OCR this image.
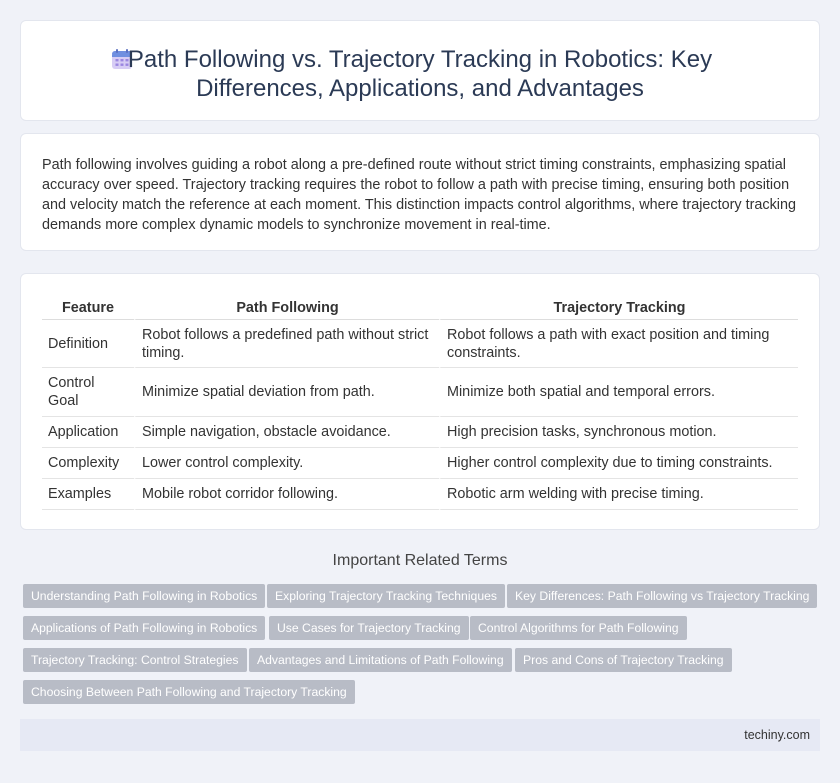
Path Following vs. Trajectory Tracking in Robotics: Key
Differences, Applications, and Advantages

Path following involves guiding a robot along a pre-defined route without strict timing constraints, emphasizing spatial accuracy over speed. Trajectory tracking requires the robot to follow a path with precise timing, ensuring both position and velocity match the reference at each moment. This distinction impacts control algorithms, where trajectory tracking demands more complex dynamic models to synchronize movement in real-time.

Feature	Path Following	Trajectory Tracking
Definition	Robot follows a predefined path without strict timing.	Robot follows a path with exact position and timing constraints.
Control Goal	Minimize spatial deviation from path.	Minimize both spatial and temporal errors.
Application	Simple navigation, obstacle avoidance.	High precision tasks, synchronous motion.
Complexity	Lower control complexity.	Higher control complexity due to timing constraints.
Examples	Mobile robot corridor following.	Robotic arm welding with precise timing.
Important Related Terms
Understanding Path Following in Robotics	Exploring Trajectory Tracking Techniques	Key Differences: Path Following vs Trajectory Tracking
Applications of Path Following in Robotics	Use Cases for Trajectory Tracking	Control Algorithms for Path Following
Trajectory Tracking: Control Strategies	Advantages and Limitations of Path Following	Pros and Cons of Trajectory Tracking
Choosing Between Path Following and Trajectory Tracking
techiny.com
